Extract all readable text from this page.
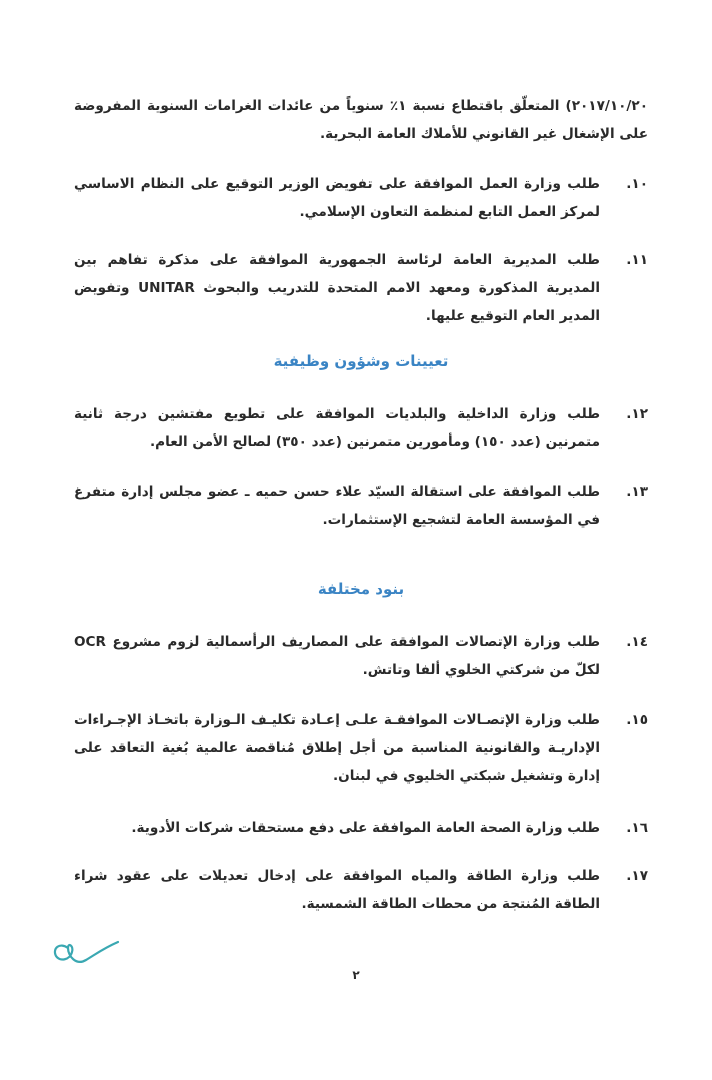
٢٠١٧/١٠/٢٠) المتعلّق باقتطاع نسبة ١٪ سنوياً من عائدات الغرامات السنوية المفروضة على الإشغال غير القانوني للأملاك العامة البحرية.
١٠.
طلب وزارة العمل الموافقة على تفويض الوزير التوقيع على النظام الاساسي لمركز العمل التابع لمنظمة التعاون الإسلامي.
١١.
طلب المديرية العامة لرئاسة الجمهورية الموافقة على مذكرة تفاهم بين المديرية المذكورة ومعهد الامم المتحدة للتدريب والبحوث UNITAR وتفويض المدير العام التوقيع عليها.
تعيينات وشؤون وظيفية
١٢.
طلب وزارة الداخلية والبلديات الموافقة على تطويع مفتشين درجة ثانية متمرنين (عدد ١٥٠) ومأمورين متمرنين (عدد ٣٥٠) لصالح الأمن العام.
١٣.
طلب الموافقة على استقالة السيّد علاء حسن حميه ـ عضو مجلس إدارة متفرغ في المؤسسة العامة لتشجيع الإستثمارات.
بنود مختلفة
١٤.
طلب وزارة الإتصالات الموافقة على المصاريف الرأسمالية لزوم مشروع OCR لكلّ من شركتي الخلوي ألفا وتاتش.
١٥.
طلب وزارة الإتصـالات الموافقـة علـى إعـادة تكليـف الـوزارة باتخـاذ الإجـراءات الإداريـة والقانونية المناسبة من أجل إطلاق مُناقصة عالمية بُغية التعاقد على إدارة وتشغيل شبكتي الخليوي في لبنان.
١٦.
طلب وزارة الصحة العامة الموافقة على دفع مستحقات شركات الأدوية.
١٧.
طلب وزارة الطاقة والمياه الموافقة على إدخال تعديلات على عقود شراء الطاقة المُنتجة من محطات الطاقة الشمسية.
٢
